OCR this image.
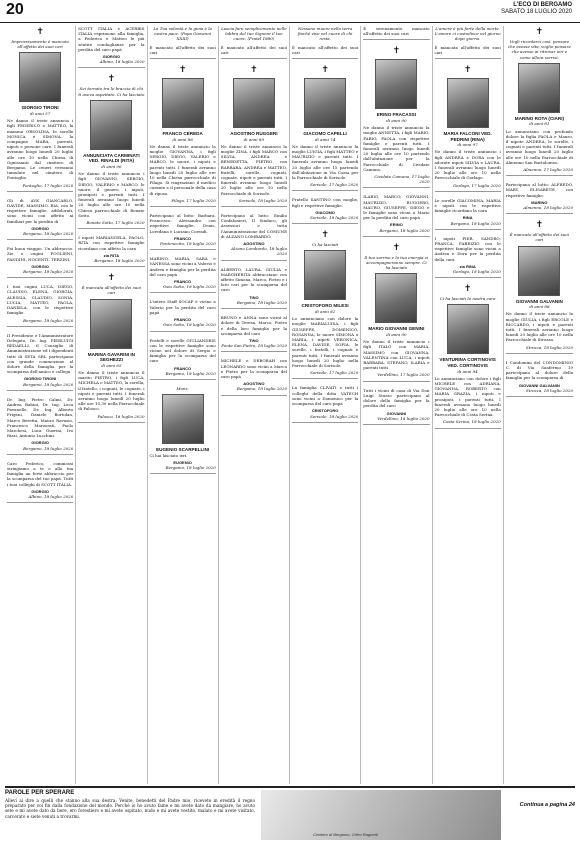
20	L'ECO DI BERGAMO
SABATO 18 LUGLIO 2020
✝
Improvvisamente è mancato all'affetto dei suoi cari
GIORGIO TIRONI
di anni 57
Ne danno il triste annuncio i figli FEDERICO e MATTEO, la mamma ORSOLINA, le sorelle MONICA e SIMONA, la compagna MARA, parenti, nipoti e persone care. I funerali avranno luogo lunedì 20 luglio alle ore 10 nella Chiesa di Ognissanti dal cimitero di Bergamo. Le ceneri verranno tumulate nel cimitero di Pontoglio.
Pontoglio, 17 luglio 2020
Gli di AVK GIANCARLO, DAVIDE, MASSIMO, RIA, con le rispettive famiglie, addolorati, sono vicini con affetto ai familiari per la perdita di
GIORGIO
Bergamo, 18 luglio 2020
Fai buon viaggio. Un abbraccio. Zio e cugini FOGLIENI, PANDINI, NOCENTI, TERZINI.
GIORGIO
Bergamo, 18 luglio 2020
I tuoi cugini LUCA, DIEGO, CLAUDIO, ELENA, GIORGIA, ALESSIA, CLAUDIO, SONIA, LUCIA, MATTEO, PAOLA, DANIELA, con le rispettive famiglie.
Bergamo, 18 luglio 2020
Il Presidente e l'Amministratore Delegato, Dr. Ing. PIERLUIGI REDAELLI, il Consiglio di Amministrazione ed i dipendenti tutti di SETA SRL partecipano con grande commozione al dolore della famiglia per la scomparsa dell'amico e collega
GIORGIO TIRONI
Bergamo, 18 luglio 2020
Dr. Ing. Pietro Calmi, Dr. Andrea Babini, Dr. Ing. Luca Pavanello, Dr. Ing. Alberto Frigeni, Daniele Bortolan, Marco Beretta, Mauro Ravasio, Francesco Marzorati, Paolo Marchesi, Luca Guerini, Ivo Rizzi, Antonio Lucchini.
GIORGIO
Bergamo, 18 luglio 2020
Caro Federico, commossi stringiamo a te e alla tua famiglia un forte abbraccio per la scomparsa del tuo papà. Tutti i tuoi colleghi di SCOTT ITALIA.
GIORGIO
Albino, 18 luglio 2020
SCOTT ITALIA e ACERBIS ITALIA esprimono alla famiglia, a Federico e Matteo le più sentite condoglianze per la perdita del caro papà
GIORGIO
Albino, 18 luglio 2020
✝
Sei tornato tra le braccia di chi ti aveva aspettato. Ci ha lasciato
ANNUNCIATA CARMINATI VED. RINALDI (RITA)
di anni 96
Ne danno il triste annuncio i figli GIOVANNI, SERGIO, DIEGO, VALERIO e MARCO, le nuore, il genero, i nipoti, pronipoti e parenti tutti. I funerali avranno luogo lunedì 20 luglio alle ore 10 nella Chiesa parrocchiale di Bonate Sotto.
Bonate Sotto, 17 luglio 2020
I nipoti MARIANGELA, PAOLO, RITA con rispettive famiglie ricordano con affetto la cara
zia RITA
Bergamo, 18 luglio 2020
✝
È mancata all'affetto dei suoi cari
MARINA GAVARINI IN SEGHEZZI
di anni 65
Ne danno il triste annuncio il marito PIETRO, i figli LUCA, MICHELA e MATTEO, la sorella, il fratello, i cognati, le cognate, i nipoti e parenti tutti. I funerali avranno luogo lunedì 20 luglio alle ore 10,30 nella Parrocchiale di Palosco.
Palosco, 18 luglio 2020
La Tua volontà e la gioia è la nostra pace. (Papa Giovanni XXIII)
È mancato all'affetto dei suoi cari
✝
FRANCO CEREDA
di anni 88
Ne danno il triste annuncio la moglie GIOVANNA, i figli SERGIO, DIEGO, VALERIO e MARCO, le nuore, i nipoti e parenti tutti. I funerali avranno luogo lunedì 20 luglio alle ore 10 nella Chiesa parrocchiale di Filago. Si ringraziano il medico curante e il personale della casa di riposo.
Filago, 17 luglio 2020
Partecipano al lutto: Barbara, Francesco, Alessandro con rispettive famiglie, Denis, Loredana e Luciano Corradi.
FRANCO
Pontenecito, 18 luglio 2020
MARINO, MARIA, SARA e VANESSA sono vicini a Valerio e Andrea e famiglia per la perdita del caro papà
FRANCO
Osio Sotto, 18 luglio 2020
L'intero Staff SOCAF è vicino a Valerio per la perdita del caro papà
FRANCO
Osio Sotto, 18 luglio 2020
Fratelli e sorelle GIULIANDRIS con le rispettive famiglie sono vicine nel dolore di Sergio e famiglia per la scomparsa del caro
FRANCO
Bergamo, 18 luglio 2020
Mons.
EUGENIO SCARPELLINI
Ci hai lasciato ieri.
EUGENIO
Bergamo, 18 luglio 2020
Lascia fare semplicemente nelle labbra del tuo Signore il tuo cuore. (Fratel 1880)
È mancato all'affetto dei suoi cari
✝
AGOSTINO RUGGERI
di anni 89
Ne danno il triste annuncio la moglie ZINA, i figli MARCO con SILVIA, ANDREA e BENEDETTA, PIETRO con BARBARA, ANDREA e MATTEO, fratelli, sorelle, cognati, cognate, nipoti e parenti tutti. I funerali avranno luogo lunedì 20 luglio alle ore 10 nella Parrocchiale di Sorisole.
Sorisole, 18 luglio 2020
Partecipano al lutto: Emilio Confalonieri, Il Sindaco, gli Assessori e tutta l'Amministrazione del COMUNE di ALZANO LOMBARDO.
AGOSTINO
Alzano Lombardo, 18 luglio 2020
ALBERTO, LAURA, GIULIA e MARGHERITA abbracciano con affetto Simona, Marco, Pietro e i loro cari per la scomparsa del caro
TINO
Bergamo, 18 luglio 2020
BRUNO e ANNA sono vicini al dolore di Teresa, Marco, Pietro e della loro famiglia per la scomparsa del caro
TINO
Ponte San Pietro, 18 luglio 2020
MICHELE e DEBORAH con LEONARDO sono vicini a Marco e Pietro per la scomparsa del caro papà
AGOSTINO
Bergamo, 18 luglio 2020
Nessuno muore nella terra finché vive nel cuore di chi resta.
È mancato all'affetto dei suoi cari
✝
GIACOMO CAPELLI
di anni 74
Ne danno il triste annuncio la moglie LUIGIA, i figli MATTEO e MAURIZIO e parenti tutti. I funerali avranno luogo lunedì 20 luglio alle ore 15 partendo dall'abitazione in Via Costa per la Parrocchiale di Sorisole.
Sorisole, 17 luglio 2020
Fratello SANTINO con moglie, figli e rispettive famiglie.
GIACOMO
Sorisole, 18 luglio 2020
✝
Ci ha lasciati
CRISTOFORO MILESI
di anni 82
Lo annunciano con dolore la moglie MARIALUISA, i figli GIUSEPPE, DOMENICO, ROSANNA, le nuore SIMONA e MARIA, i nipoti VERONICA, ELENA, DAVIDE, SOFIA, le sorelle, i fratelli, i cognati e parenti tutti. I funerali avranno luogo lunedì 20 luglio nella Parrocchiale di Sorisole.
Sorisole, 17 luglio 2020
La famiglia CLIVATI e tutti i colleghi della ditta VATECH sono vicini a Domenico per la scomparsa del caro papà
CRISTOFORO
Sorisole, 18 luglio 2020
È serenamente mancato all'affetto dei suoi cari
✝
ERINO FRACASSI
di anni 90
Ne danno il triste annuncio la moglie ANNETTA, i figli MARIO, FABIO, PAOLA con rispettive famiglie e parenti tutti. I funerali avranno luogo lunedì 20 luglio alle ore 10 partendo dall'abitazione per la Parrocchiale di Cividate Camuno.
Cividate Camuno, 17 luglio 2020
ILARIO, MARCO, GIOVANNI, MAURIZIO, RUGGERO, MAURO, GIUSEPPE, DIEGO e le famiglie sono vicini a Mario per la perdita del caro papà
ERINO
Bergamo, 18 luglio 2020
✝
Il tuo sorriso e la tua energia ci accompagneranno sempre. Ci ha lasciato
MARIO GIOVANNI GENINI
di anni 90
Ne danno il triste annuncio i figli ITALO con MARIA, MASSIMO con GIOVANNA, VALENTINA con LUCA, i nipoti BARBARA, STEFANO, ILARIA e parenti tutti.
Verdellino, 17 luglio 2020
Tutti i vicini di casa di Via Don Luigi Sturzo partecipano al dolore della famiglia per la perdita del caro
GIOVANNI
Verdellino, 18 luglio 2020
L'amore è più forte della morte. L'amore ci custodisce nel giorno dopo giorno.
È mancata all'affetto dei suoi cari
✝
MARIA FALCONI VED. PEDRINI (RINA)
di anni 97
Ne danno il triste annuncio i figli ANDREA e DORA con le adorate nipoti SILVIA e LAURA. I funerali avranno luogo lunedì 20 luglio alle ore 10 nella Parrocchiale di Gorlago.
Gorlago, 17 luglio 2020
Le sorelle GIACOMINA, MARIA e nipoti con le rispettive famiglie ricordano la cara
RINA
Bergamo, 18 luglio 2020
I nipoti PIER, SANDRO, FRANCA, FABRIZIO con le rispettive famiglie sono vicini a Andrea e Dora per la perdita della cara
zia RINA
Gorlago, 18 luglio 2020
✝
Ci ha lasciati la nostra cara
VENTURINA CORTINOVIS VED. CORTINOVIS
di anni 94
Lo annunciano con dolore i figli MICHELE con ADRIANA, GIOVANNA, ROBERTO con MARIA GRAZIA, i nipoti e pronipoti, i parenti tutti. I funerali avranno luogo lunedì 20 luglio alle ore 10 nella Parrocchiale di Costa Serina.
Costa Serina, 18 luglio 2020
✝
Vogli ricordarci così, pensare che avesse vita, voglio pensare che avesse ai ritrovar ieri e come allora sorrisi.
MARINO ROTA (CIARI)
di anni 81
Lo annunciano con profondo dolore la figlia PAOLA e Mauro, il nipote ANDREA, le sorelle, i cognati e parenti tutti. I funerali avranno luogo lunedì 20 luglio alle ore 10 nella Parrocchiale di Almenno San Bartolomeo.
Almenno, 17 luglio 2020
Partecipano al lutto: ALFREDO, MARY, ELISABETH con rispettive famiglie.
MARINO
Almenno, 18 luglio 2020
✝
È mancato all'affetto dei suoi cari
GIOVANNI GALVANIN
di anni 88
Ne danno il triste annuncio la moglie GIULIA, i figli ERCOLE e RICCARDO, i nipoti e parenti tutti. I funerali avranno luogo lunedì 20 luglio alle ore 10 nella Parrocchiale di Strozza.
Strozza, 18 luglio 2020
I Condomini del CONDOMINIO C. di Via Sanfermo 19 partecipano al dolore della famiglia per la scomparsa di
GIOVANNI GALVANIN
Strozza, 18 luglio 2020
PAROLE PER SPERARE
Alleví ai dire a quelli che stanno alla sua destra: Venite, benedetti del Padre mio, ricevete in eredità il regno preparato per voi fin dalla fondazione del mondo. Perché io ho avuto fame e mi avete dato da mangiare, ho avuto sete e mi avete dato da bere, ero forestiero e mi avete ospitato, nudo e mi avete vestito, malato e mi avete visitato, carcerato e siete venuti a trovarmi.
Cimitero di Bergamo, Orfeo Ragnetti
Continua a pagina 24
